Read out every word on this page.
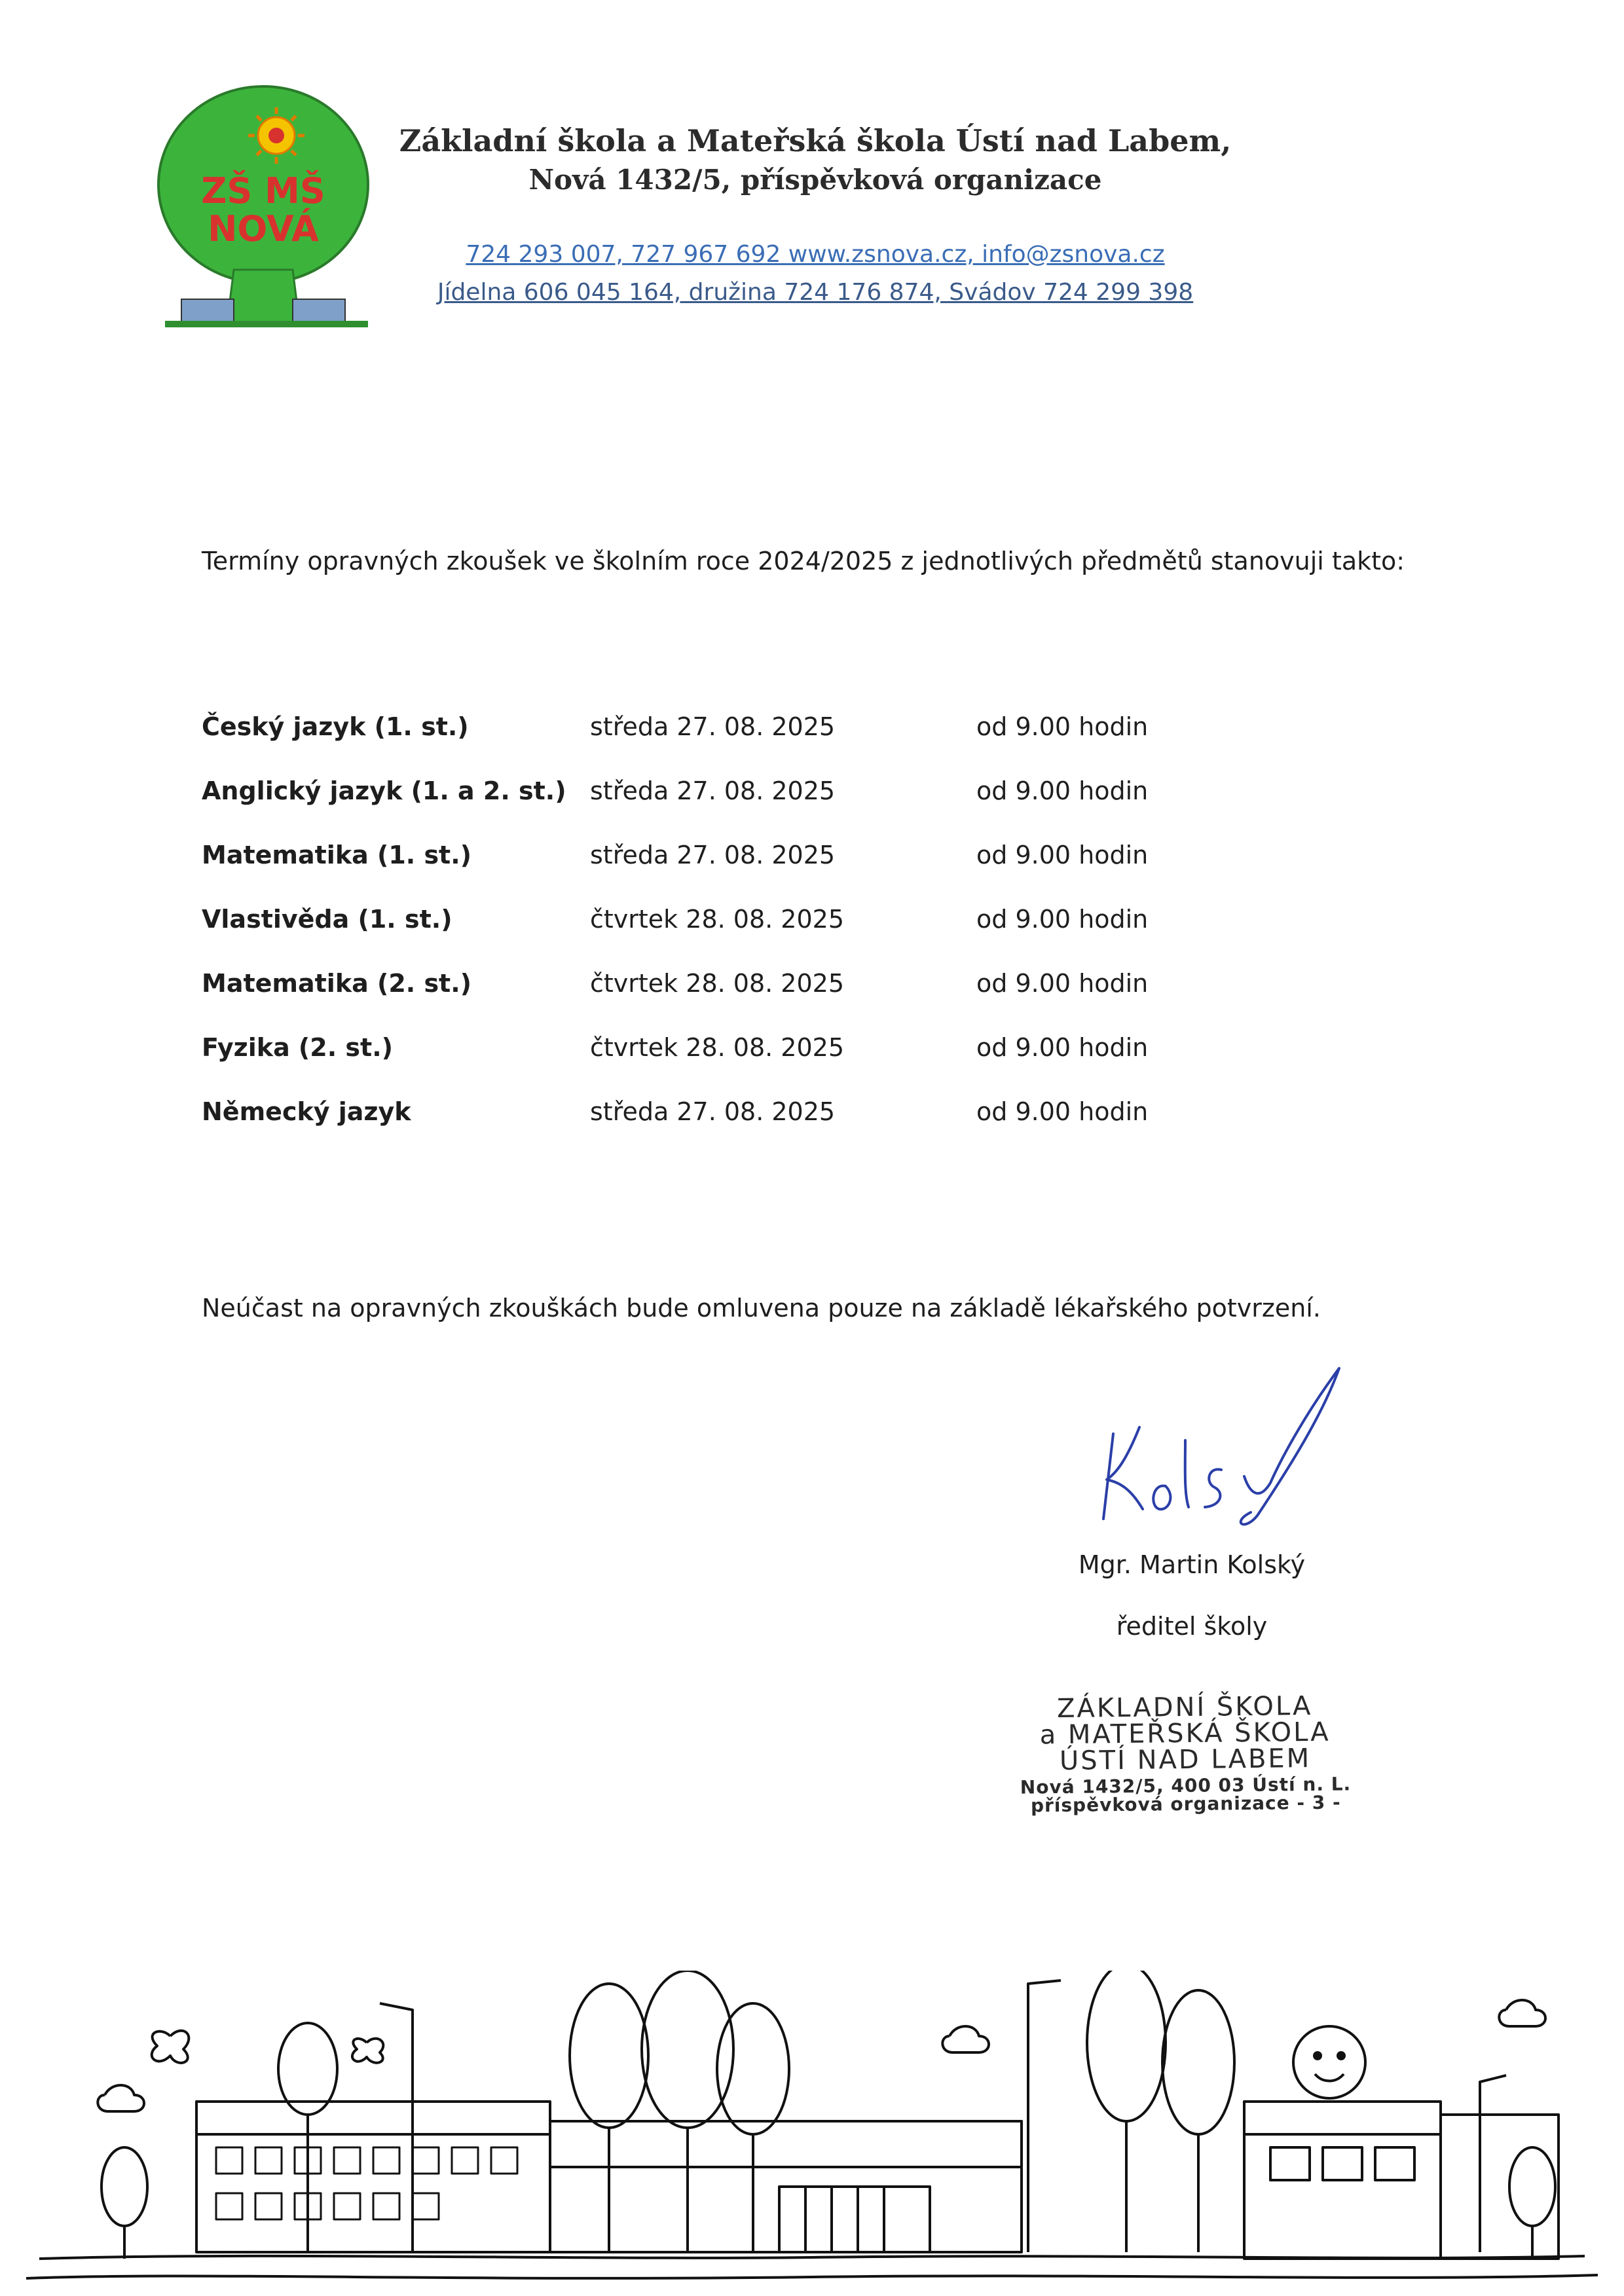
ZŠ MŠ
NOVÁ
Základní škola a Mateřská škola Ústí nad Labem,
Nová 1432/5, příspěvková organizace
724 293 007, 727 967 692 www.zsnova.cz, info@zsnova.cz
Jídelna 606 045 164, družina 724 176 874, Svádov 724 299 398
Termíny opravných zkoušek ve školním roce 2024/2025 z jednotlivých předmětů stanovuji takto:
Český jazyk (1. st.)	středa 27. 08. 2025	od 9.00 hodin
Anglický jazyk (1. a 2. st.) středa 27. 08. 2025	od 9.00 hodin
Matematika (1. st.)	středa 27. 08. 2025	od 9.00 hodin
Vlastivěda (1. st.)	čtvrtek 28. 08. 2025	od 9.00 hodin
Matematika (2. st.)	čtvrtek 28. 08. 2025	od 9.00 hodin
Fyzika (2. st.)	čtvrtek 28. 08. 2025	od 9.00 hodin
Německý jazyk	středa 27. 08. 2025	od 9.00 hodin
Neúčast na opravných zkouškách bude omluvena pouze na základě lékařského potvrzení.
Mgr. Martin Kolský
ředitel školy
ZÁKLADNÍ ŠKOLA
a MATEŘSKÁ ŠKOLA
ÚSTÍ NAD LABEM
Nová 1432/5, 400 03 Ústí n. L.
příspěvková organizace - 3 -
